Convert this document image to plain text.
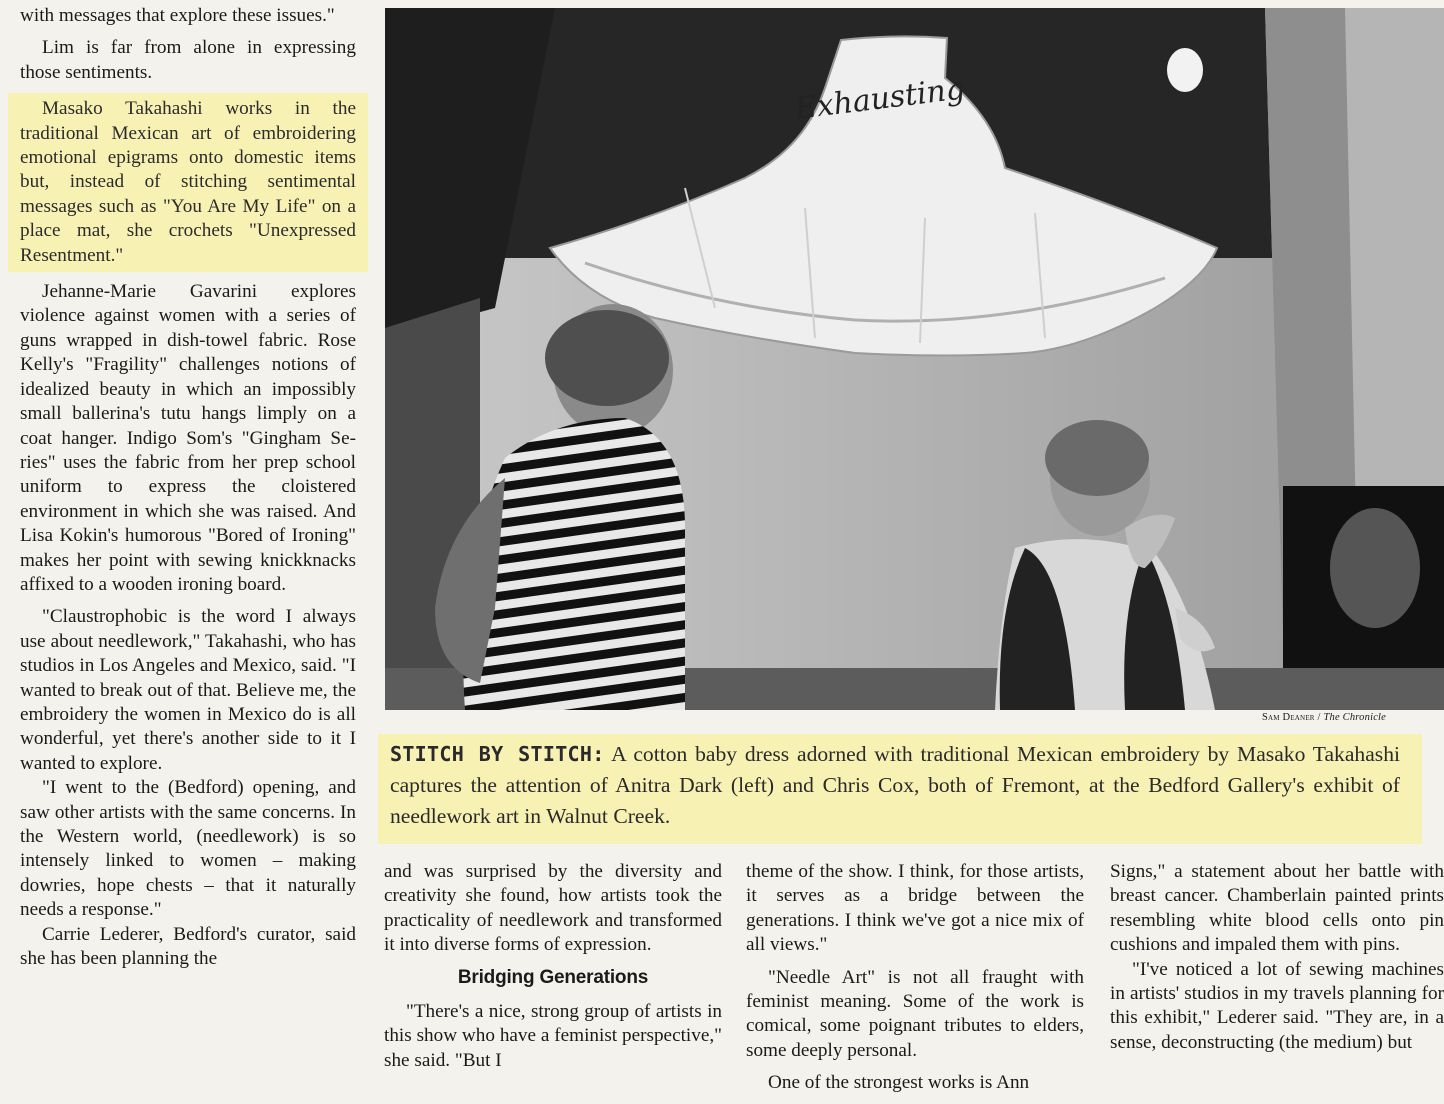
with messages that explore these issues."

Lim is far from alone in expressing those sentiments.

Masako Takahashi works in the traditional Mexican art of embroidering emotional epigrams onto domestic items but, instead of stitching sentimental messages such as "You Are My Life" on a place mat, she crochets "Unexpressed Resentment."

Jehanne-Marie Gavarini explores violence against women with a series of guns wrapped in dish-towel fabric. Rose Kelly's "Fragility" challenges notions of idealized beauty in which an impossibly small ballerina's tutu hangs limply on a coat hanger. Indigo Som's "Gingham Series" uses the fabric from her prep school uniform to express the cloistered environment in which she was raised. And Lisa Kokin's humorous "Bored of Ironing" makes her point with sewing knickknacks affixed to a wooden ironing board.

"Claustrophobic is the word I always use about needlework," Takahashi, who has studios in Los Angeles and Mexico, said. "I wanted to break out of that. Believe me, the embroidery the women in Mexico do is all wonderful, yet there's another side to it I wanted to explore.

"I went to the (Bedford) opening, and saw other artists with the same concerns. In the Western world, (needlework) is so intensely linked to women – making dowries, hope chests – that it naturally needs a response."

Carrie Lederer, Bedford's curator, said she has been planning the

Exhausting
Sam Deaner / The Chronicle
STITCH BY STITCH: A cotton baby dress adorned with traditional Mexican embroidery by Masako Takahashi captures the attention of Anitra Dark (left) and Chris Cox, both of Fremont, at the Bedford Gallery's exhibit of needlework art in Walnut Creek.

and was surprised by the diversity and creativity she found, how artists took the practicality of needlework and transformed it into diverse forms of expression.

Bridging Generations

"There's a nice, strong group of artists in this show who have a feminist perspective," she said. "But I

theme of the show. I think, for those artists, it serves as a bridge between the generations. I think we've got a nice mix of all views."

"Needle Art" is not all fraught with feminist meaning. Some of the work is comical, some poignant tributes to elders, some deeply personal.

One of the strongest works is Ann

Signs," a statement about her battle with breast cancer. Chamberlain painted prints resembling white blood cells onto pin cushions and impaled them with pins.

"I've noticed a lot of sewing machines in artists' studios in my travels planning for this exhibit," Lederer said. "They are, in a sense, deconstructing (the medium) but
